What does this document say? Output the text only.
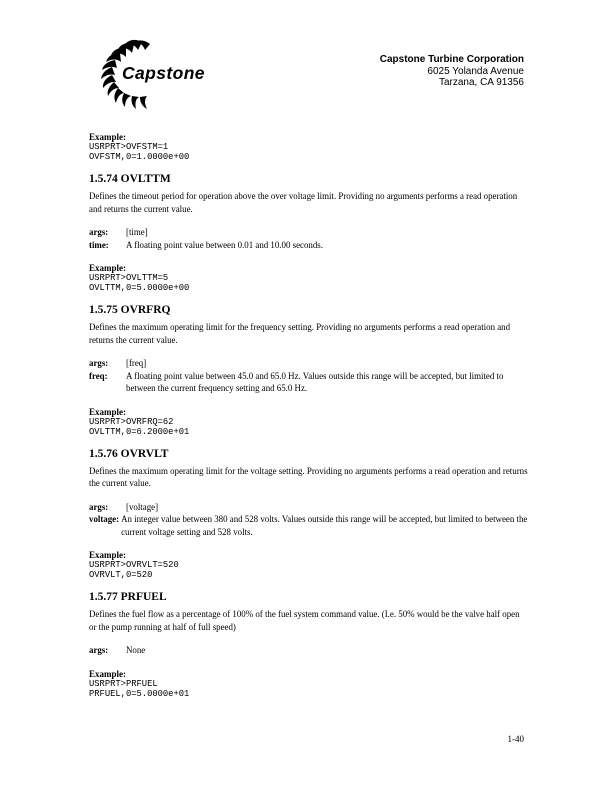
Capstone
Capstone Turbine Corporation
6025 Yolanda Avenue
Tarzana, CA 91356
Example:
USRPRT>OVFSTM=1
OVFSTM,0=1.0000e+00
1.5.74 OVLTTM
Defines the timeout period for operation above the over voltage limit. Providing no arguments performs a read operation and returns the current value.
args:	[time]
time:	A floating point value between 0.01 and 10.00 seconds.
Example:
USRPRT>OVLTTM=5
OVLTTM,0=5.0000e+00
1.5.75 OVRFRQ
Defines the maximum operating limit for the frequency setting. Providing no arguments performs a read operation and returns the current value.
args:	[freq]
freq:	A floating point value between 45.0 and 65.0 Hz. Values outside this range will be accepted, but limited to between the current frequency setting and 65.0 Hz.
Example:
USRPRT>OVRFRQ=62
OVLTTM,0=6.2000e+01
1.5.76 OVRVLT
Defines the maximum operating limit for the voltage setting. Providing no arguments performs a read operation and returns the current value.
args:	[voltage]
voltage: An integer value between 380 and 528 volts. Values outside this range will be accepted, but limited to between the current voltage setting and 528 volts.
Example:
USRPRT>OVRVLT=520
OVRVLT,0=520
1.5.77 PRFUEL
Defines the fuel flow as a percentage of 100% of the fuel system command value. (I.e. 50% would be the valve half open or the pump running at half of full speed)
args:	None
Example:
USRPRT>PRFUEL
PRFUEL,0=5.0000e+01
1-40
